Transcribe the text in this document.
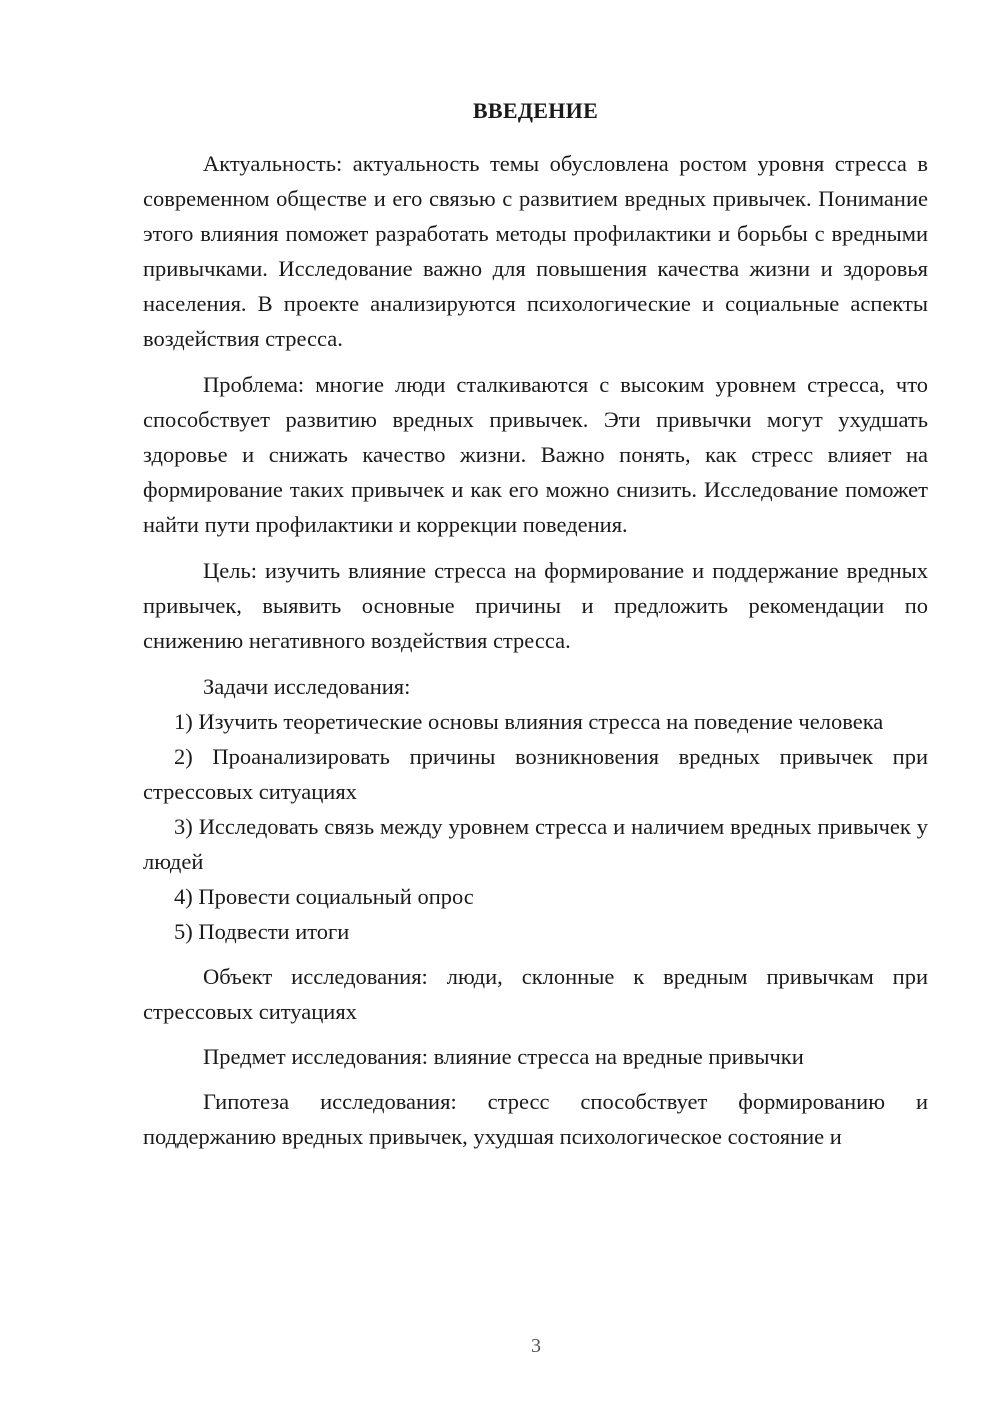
ВВЕДЕНИЕ

Актуальность: актуальность темы обусловлена ростом уровня стресса в современном обществе и его связью с развитием вредных привычек. Понимание этого влияния поможет разработать методы профилактики и борьбы с вредными привычками. Исследование важно для повышения качества жизни и здоровья населения. В проекте анализируются психологические и социальные аспекты воздействия стресса.

Проблема: многие люди сталкиваются с высоким уровнем стресса, что способствует развитию вредных привычек. Эти привычки могут ухудшать здоровье и снижать качество жизни. Важно понять, как стресс влияет на формирование таких привычек и как его можно снизить. Исследование поможет найти пути профилактики и коррекции поведения.

Цель: изучить влияние стресса на формирование и поддержание вредных привычек, выявить основные причины и предложить рекомендации по снижению негативного воздействия стресса.

Задачи исследования:

1) Изучить теоретические основы влияния стресса на поведение человека

2) Проанализировать причины возникновения вредных привычек при стрессовых ситуациях

3) Исследовать связь между уровнем стресса и наличием вредных привычек у людей

4) Провести социальный опрос

5) Подвести итоги

Объект исследования: люди, склонные к вредным привычкам при стрессовых ситуациях

Предмет исследования: влияние стресса на вредные привычки

Гипотеза исследования: стресс способствует формированию и поддержанию вредных привычек, ухудшая психологическое состояние и

3
